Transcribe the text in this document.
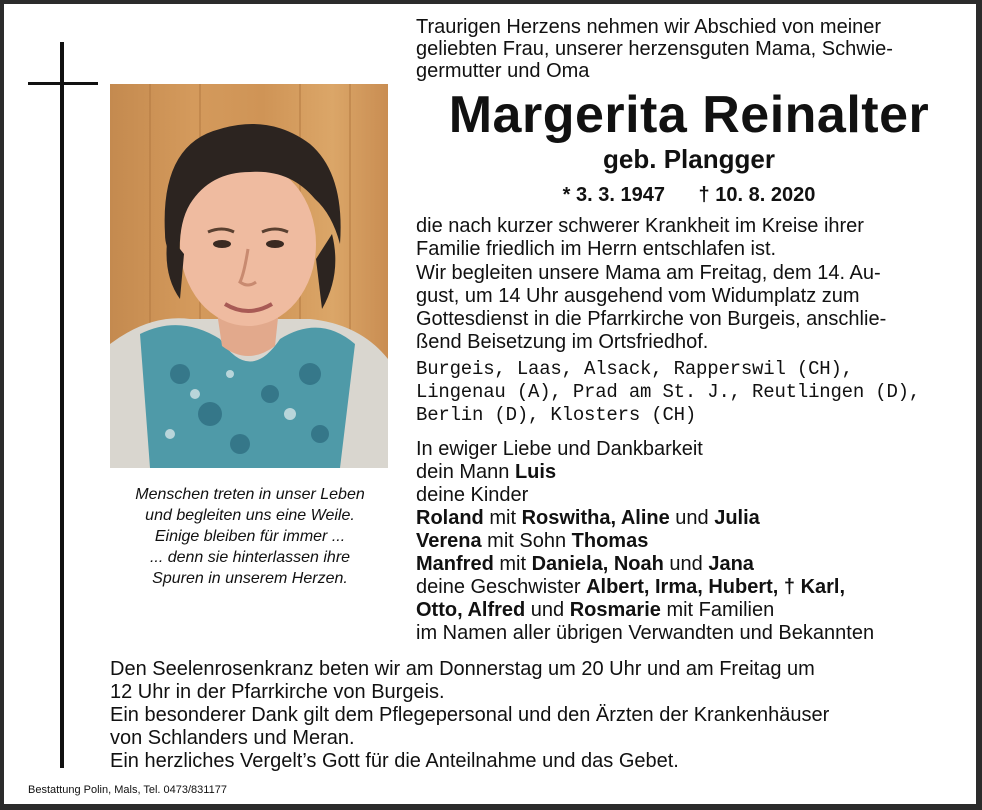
Menschen treten in unser Leben
und begleiten uns eine Weile.
Einige bleiben für immer ...
... denn sie hinterlassen ihre
Spuren in unserem Herzen.
Traurigen Herzens nehmen wir Abschied von meiner
geliebten Frau, unserer herzensguten Mama, Schwie-
germutter und Oma
Margerita Reinalter
geb. Plangger
* 3. 3. 1947 † 10. 8. 2020
die nach kurzer schwerer Krankheit im Kreise ihrer
Familie friedlich im Herrn entschlafen ist.
Wir begleiten unsere Mama am Freitag, dem 14. Au-
gust, um 14 Uhr ausgehend vom Widumplatz zum
Gottesdienst in die Pfarrkirche von Burgeis, anschlie-
ßend Beisetzung im Ortsfriedhof.
Burgeis, Laas, Alsack, Rapperswil (CH),
Lingenau (A), Prad am St. J., Reutlingen (D),
Berlin (D), Klosters (CH)
In ewiger Liebe und Dankbarkeit
dein Mann Luis
deine Kinder
Roland mit Roswitha, Aline und Julia
Verena mit Sohn Thomas
Manfred mit Daniela, Noah und Jana
deine Geschwister Albert, Irma, Hubert, † Karl,
Otto, Alfred und Rosmarie mit Familien
im Namen aller übrigen Verwandten und Bekannten
Den Seelenrosenkranz beten wir am Donnerstag um 20 Uhr und am Freitag um
12 Uhr in der Pfarrkirche von Burgeis.
Ein besonderer Dank gilt dem Pflegepersonal und den Ärzten der Krankenhäuser
von Schlanders und Meran.
Ein herzliches Vergelt’s Gott für die Anteilnahme und das Gebet.
Bestattung Polin, Mals, Tel. 0473/831177
